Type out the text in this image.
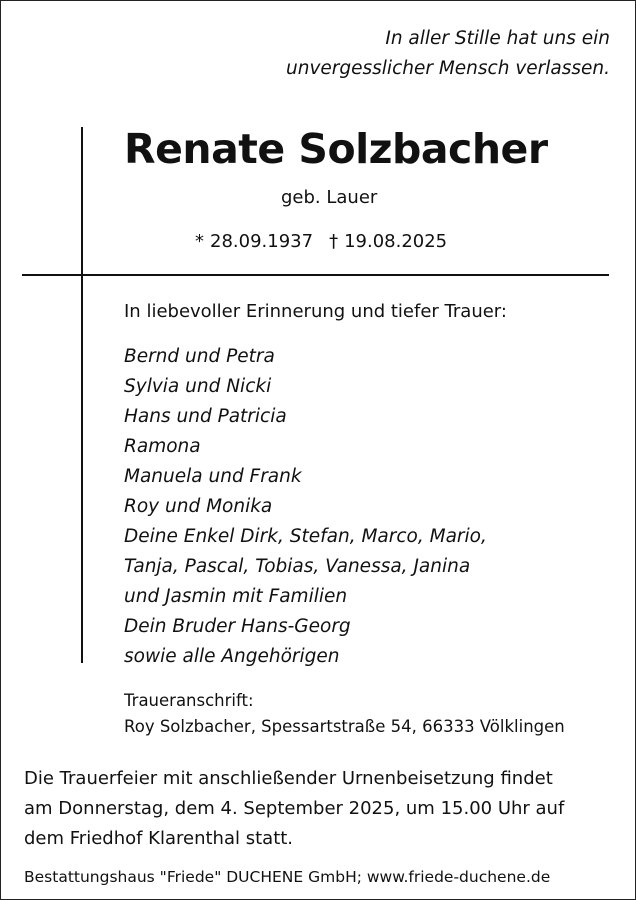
In aller Stille hat uns ein
unvergesslicher Mensch verlassen.
Renate Solzbacher
geb. Lauer
* 28.09.1937 † 19.08.2025
In liebevoller Erinnerung und tiefer Trauer:
Bernd und Petra
Sylvia und Nicki
Hans und Patricia
Ramona
Manuela und Frank
Roy und Monika
Deine Enkel Dirk, Stefan, Marco, Mario,
Tanja, Pascal, Tobias, Vanessa, Janina
und Jasmin mit Familien
Dein Bruder Hans-Georg
sowie alle Angehörigen
Traueranschrift:
Roy Solzbacher, Spessartstraße 54, 66333 Völklingen
Die Trauerfeier mit anschließender Urnenbeisetzung findet
am Donnerstag, dem 4. September 2025, um 15.00 Uhr auf
dem Friedhof Klarenthal statt.
Bestattungshaus "Friede" DUCHENE GmbH; www.friede-duchene.de
